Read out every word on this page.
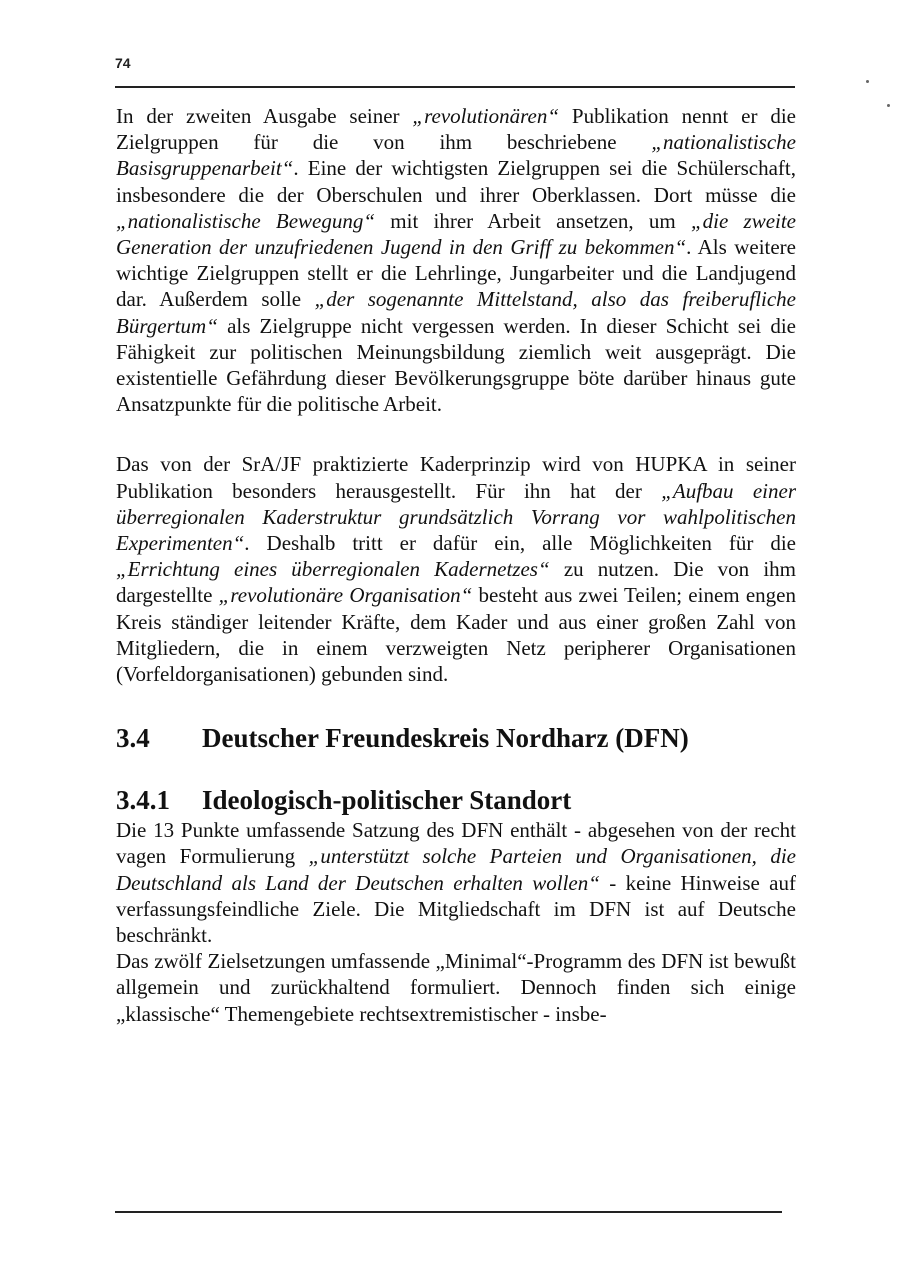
74

In der zweiten Ausgabe seiner „revolutionären“ Publikation nennt er die Zielgruppen für die von ihm beschriebene „nationalistische Basisgruppenarbeit“. Eine der wichtigsten Zielgruppen sei die Schülerschaft, insbesondere die der Oberschulen und ihrer Oberklassen. Dort müsse die „nationalistische Bewegung“ mit ihrer Arbeit ansetzen, um „die zweite Generation der unzufriedenen Jugend in den Griff zu bekommen“. Als weitere wichtige Zielgruppen stellt er die Lehrlinge, Jungarbeiter und die Landjugend dar. Außerdem solle „der sogenannte Mittelstand, also das freiberufliche Bürgertum“ als Zielgruppe nicht vergessen werden. In dieser Schicht sei die Fähigkeit zur politischen Meinungsbildung ziemlich weit ausgeprägt. Die existentielle Gefährdung dieser Bevölkerungsgruppe böte darüber hinaus gute Ansatzpunkte für die politische Arbeit.

Das von der SrA/JF praktizierte Kaderprinzip wird von HUPKA in seiner Publikation besonders herausgestellt. Für ihn hat der „Aufbau einer überregionalen Kaderstruktur grundsätzlich Vorrang vor wahlpolitischen Experimenten“. Deshalb tritt er dafür ein, alle Möglichkeiten für die „Errichtung eines überregionalen Kadernetzes“ zu nutzen. Die von ihm dargestellte „revolutionäre Organisation“ besteht aus zwei Teilen; einem engen Kreis ständiger leitender Kräfte, dem Kader und aus einer großen Zahl von Mitgliedern, die in einem verzweigten Netz peripherer Organisationen (Vorfeldorganisationen) gebunden sind.

3.4	Deutscher Freundeskreis Nordharz (DFN)
3.4.1	Ideologisch-politischer Standort

Die 13 Punkte umfassende Satzung des DFN enthält - abgesehen von der recht vagen Formulierung „unterstützt solche Parteien und Organisationen, die Deutschland als Land der Deutschen erhalten wollen“ - keine Hinweise auf verfassungsfeindliche Ziele. Die Mitgliedschaft im DFN ist auf Deutsche beschränkt.

Das zwölf Zielsetzungen umfassende „Minimal“-Programm des DFN ist bewußt allgemein und zurückhaltend formuliert. Dennoch finden sich einige „klassische“ Themengebiete rechtsextremistischer - insbe-
